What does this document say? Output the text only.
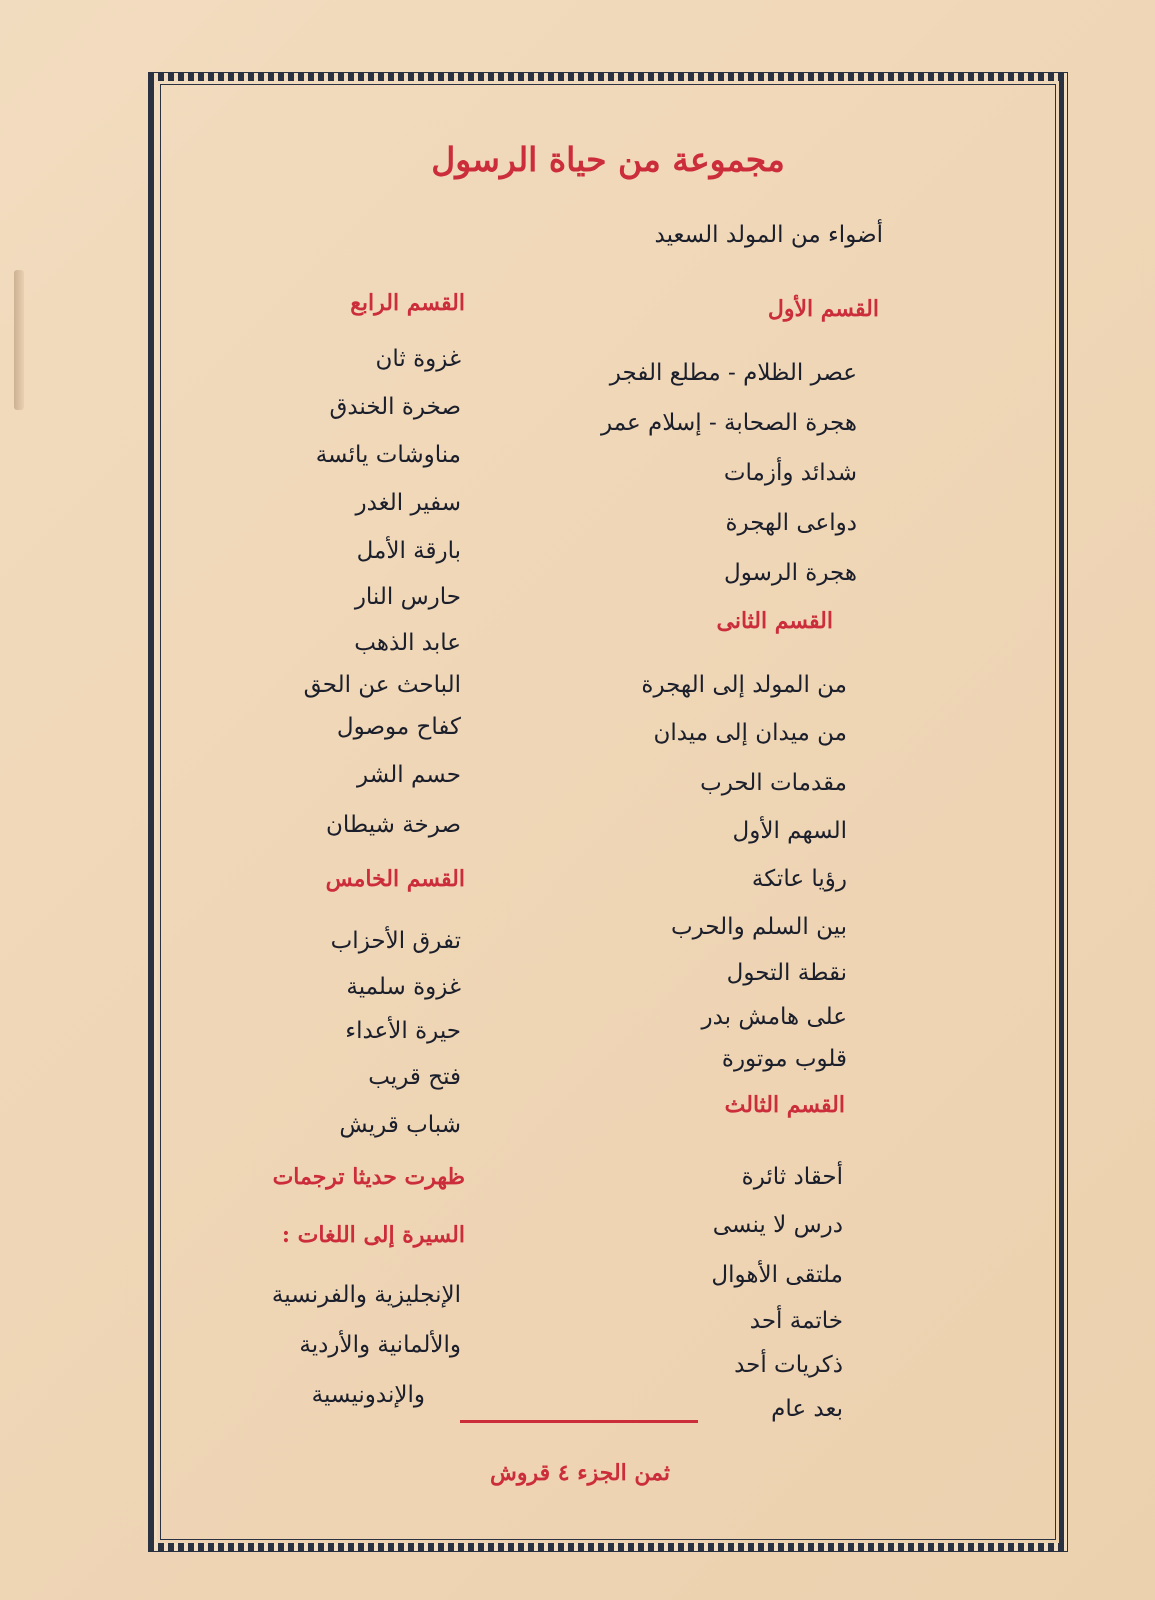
مجموعة من حياة الرسول
أضواء من المولد السعيد
القسم الأول
عصر الظلام - مطلع الفجر
هجرة الصحابة - إسلام عمر
شدائد وأزمات
دواعى الهجرة
هجرة الرسول
القسم الثانى
من المولد إلى الهجرة
من ميدان إلى ميدان
مقدمات الحرب
السهم الأول
رؤيا عاتكة
بين السلم والحرب
نقطة التحول
على هامش بدر
قلوب موتورة
القسم الثالث
أحقاد ثائرة
درس لا ينسى
ملتقى الأهوال
خاتمة أحد
ذكريات أحد
بعد عام
القسم الرابع
غزوة ثان
صخرة الخندق
مناوشات يائسة
سفير الغدر
بارقة الأمل
حارس النار
عابد الذهب
الباحث عن الحق
كفاح موصول
حسم الشر
صرخة شيطان
القسم الخامس
تفرق الأحزاب
غزوة سلمية
حيرة الأعداء
فتح قريب
شباب قريش
ظهرت حديثا ترجمات
السيرة إلى اللغات :
الإنجليزية والفرنسية
والألمانية والأردية
والإندونيسية
ثمن الجزء ٤ قروش
